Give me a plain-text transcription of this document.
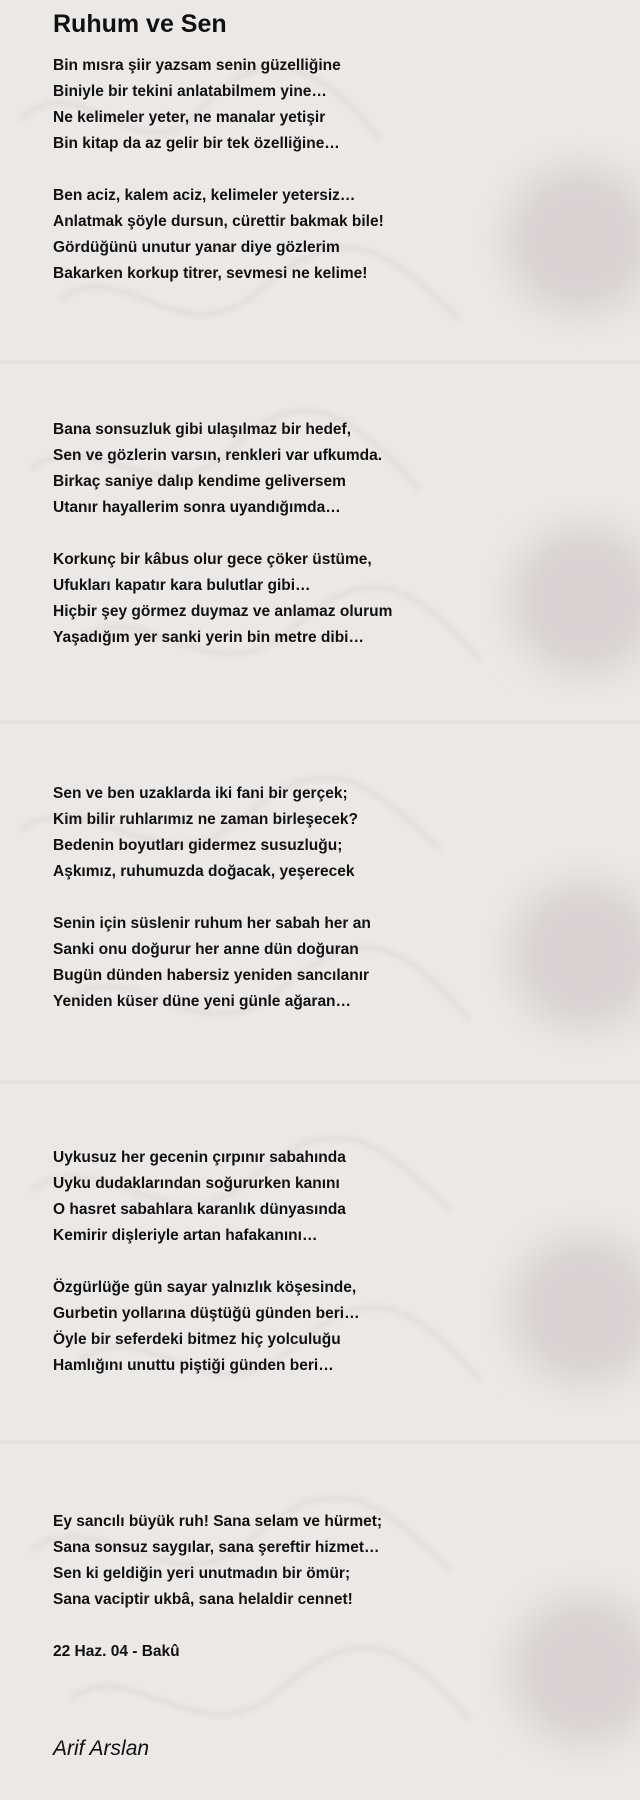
Ruhum ve Sen
Bin mısra şiir yazsam senin güzelliğine
Biniyle bir tekini anlatabilmem yine…
Ne kelimeler yeter, ne manalar yetişir
Bin kitap da az gelir bir tek özelliğine…
Ben aciz, kalem aciz, kelimeler yetersiz…
Anlatmak şöyle dursun, cürettir bakmak bile!
Gördüğünü unutur yanar diye gözlerim
Bakarken korkup titrer, sevmesi ne kelime!
Bana sonsuzluk gibi ulaşılmaz bir hedef,
Sen ve gözlerin varsın, renkleri var ufkumda.
Birkaç saniye dalıp kendime geliversem
Utanır hayallerim sonra uyandığımda…
Korkunç bir kâbus olur gece çöker üstüme,
Ufukları kapatır kara bulutlar gibi…
Hiçbir şey görmez duymaz ve anlamaz olurum
Yaşadığım yer sanki yerin bin metre dibi…
Sen ve ben uzaklarda iki fani bir gerçek;
Kim bilir ruhlarımız ne zaman birleşecek?
Bedenin boyutları gidermez susuzluğu;
Aşkımız, ruhumuzda doğacak, yeşerecek
Senin için süslenir ruhum her sabah her an
Sanki onu doğurur her anne dün doğuran
Bugün dünden habersiz yeniden sancılanır
Yeniden küser düne yeni günle ağaran…
Uykusuz her gecenin çırpınır sabahında
Uyku dudaklarından soğururken kanını
O hasret sabahlara karanlık dünyasında
Kemirir dişleriyle artan hafakanını…
Özgürlüğe gün sayar yalnızlık köşesinde,
Gurbetin yollarına düştüğü günden beri…
Öyle bir seferdeki bitmez hiç yolculuğu
Hamlığını unuttu piştiği günden beri…
Ey sancılı büyük ruh! Sana selam ve hürmet;
Sana sonsuz saygılar, sana şereftir hizmet…
Sen ki geldiğin yeri unutmadın bir ömür;
Sana vaciptir ukbâ, sana helaldir cennet!
22 Haz. 04 - Bakû
Arif Arslan
